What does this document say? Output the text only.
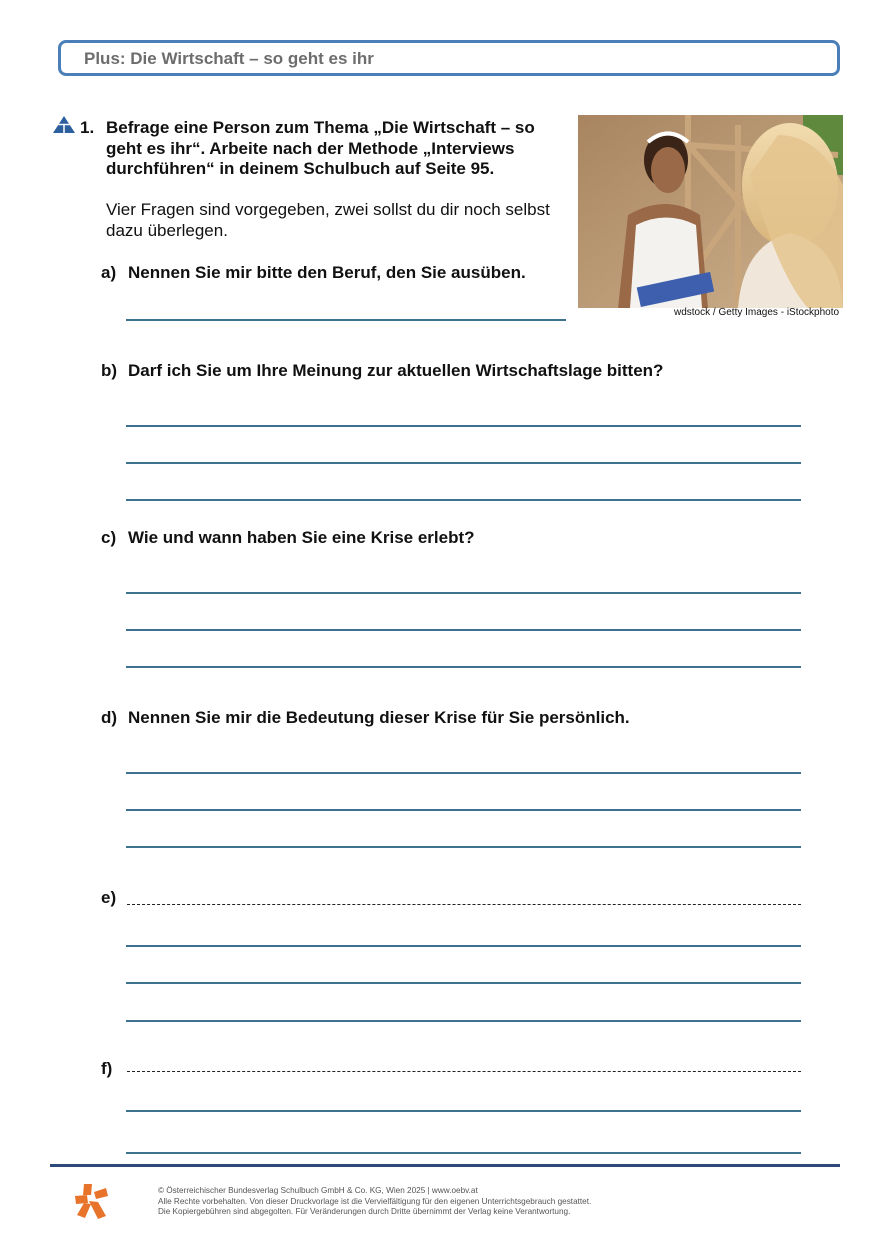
Plus: Die Wirtschaft – so geht es ihr
1. Befrage eine Person zum Thema „Die Wirtschaft – so geht es ihr“. Arbeite nach der Methode „Interviews durchführen“ in deinem Schulbuch auf Seite 95.
Vier Fragen sind vorgegeben, zwei sollst du dir noch selbst dazu überlegen.
wdstock / Getty Images - iStockphoto
a) Nennen Sie mir bitte den Beruf, den Sie ausüben.
b) Darf ich Sie um Ihre Meinung zur aktuellen Wirtschaftslage bitten?
c) Wie und wann haben Sie eine Krise erlebt?
d) Nennen Sie mir die Bedeutung dieser Krise für Sie persönlich.
e)
f)
© Österreichischer Bundesverlag Schulbuch GmbH & Co. KG, Wien 2025 | www.oebv.at
Alle Rechte vorbehalten. Von dieser Druckvorlage ist die Vervielfältigung für den eigenen Unterrichtsgebrauch gestattet.
Die Kopiergebühren sind abgegolten. Für Veränderungen durch Dritte übernimmt der Verlag keine Verantwortung.
